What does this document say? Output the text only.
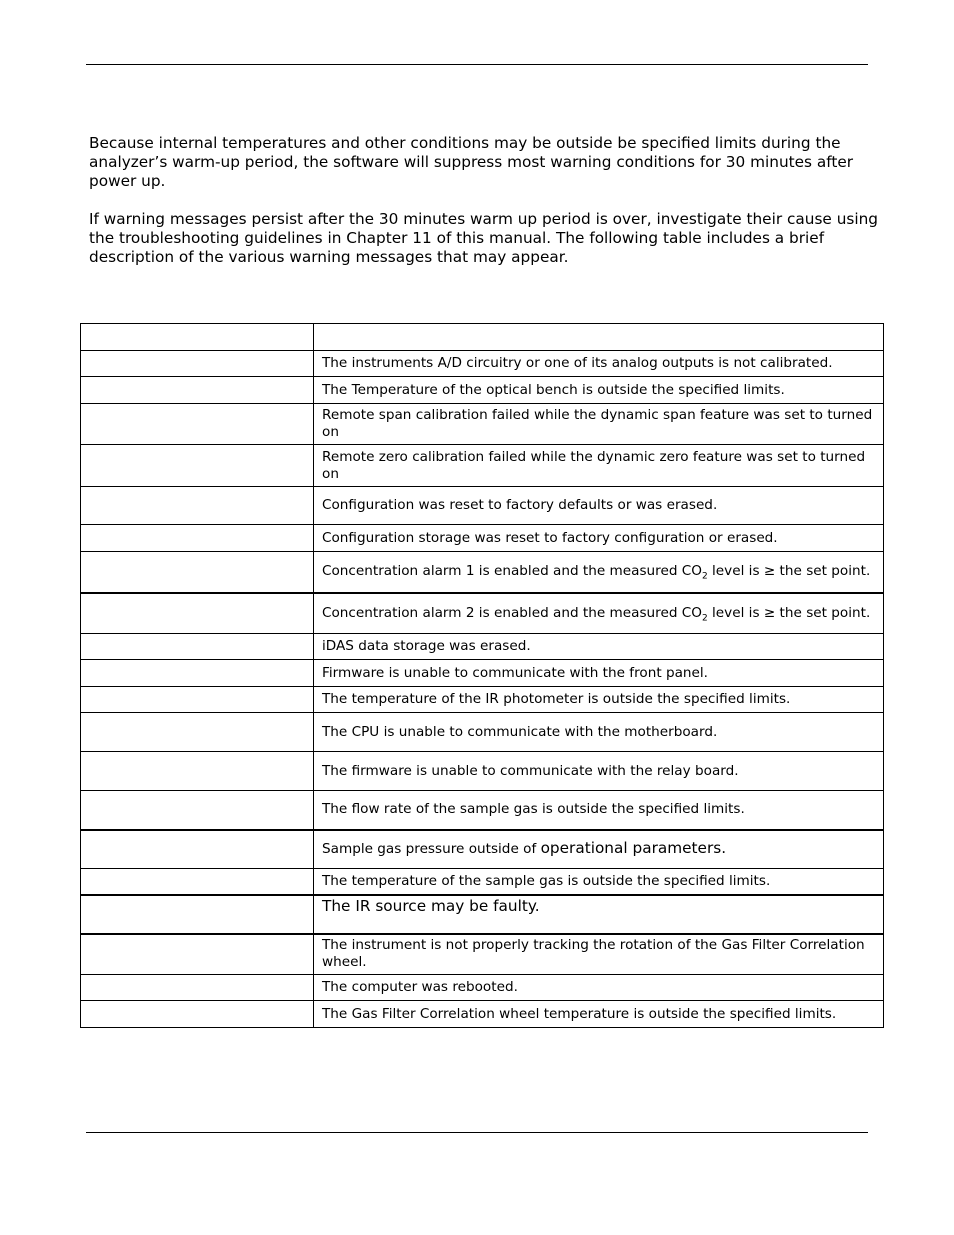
Because internal temperatures and other conditions may be outside be specified limits during the analyzer’s warm-up period, the software will suppress most warning conditions for 30 minutes after power up.

If warning messages persist after the 30 minutes warm up period is over, investigate their cause using the troubleshooting guidelines in Chapter 11 of this manual. The following table includes a brief description of the various warning messages that may appear.

	The instruments A/D circuitry or one of its analog outputs is not calibrated.
	The Temperature of the optical bench is outside the specified limits.
	Remote span calibration failed while the dynamic span feature was set to turned on
	Remote zero calibration failed while the dynamic zero feature was set to turned on
	Configuration was reset to factory defaults or was erased.
	Configuration storage was reset to factory configuration or erased.
	Concentration alarm 1 is enabled and the measured $CO_2$ level is ≥ the set point.
	Concentration alarm 2 is enabled and the measured $CO_2$ level is ≥ the set point.
	iDAS data storage was erased.
	Firmware is unable to communicate with the front panel.
	The temperature of the IR photometer is outside the specified limits.
	The CPU is unable to communicate with the motherboard.
	The firmware is unable to communicate with the relay board.
	The flow rate of the sample gas is outside the specified limits.
	Sample gas pressure outside of operational parameters.
	The temperature of the sample gas is outside the specified limits.
	The IR source may be faulty.
	The instrument is not properly tracking the rotation of the Gas Filter Correlation wheel.
	The computer was rebooted.
	The Gas Filter Correlation wheel temperature is outside the specified limits.
